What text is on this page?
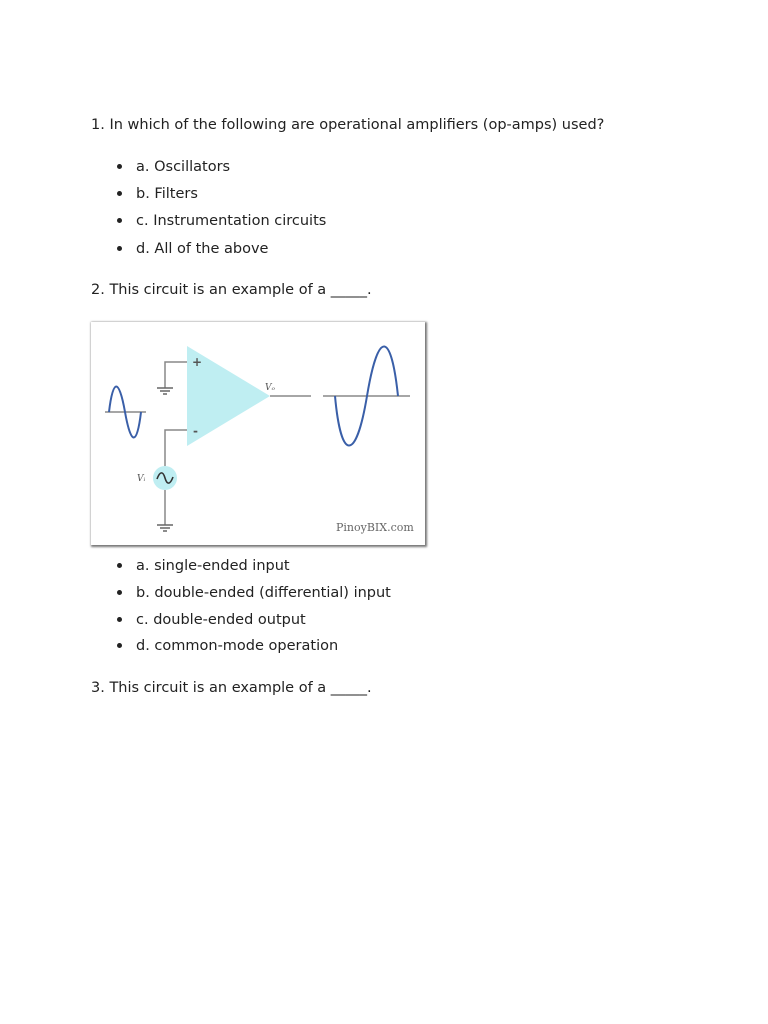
1. In which of the following are operational amplifiers (op-amps) used?
a. Oscillators
b. Filters
c. Instrumentation circuits
d. All of the above
2. This circuit is an example of a _____.
+
-
Vₒ
Vᵢ
PinoyBIX.com
a. single-ended input
b. double-ended (differential) input
c. double-ended output
d. common-mode operation
3. This circuit is an example of a _____.
